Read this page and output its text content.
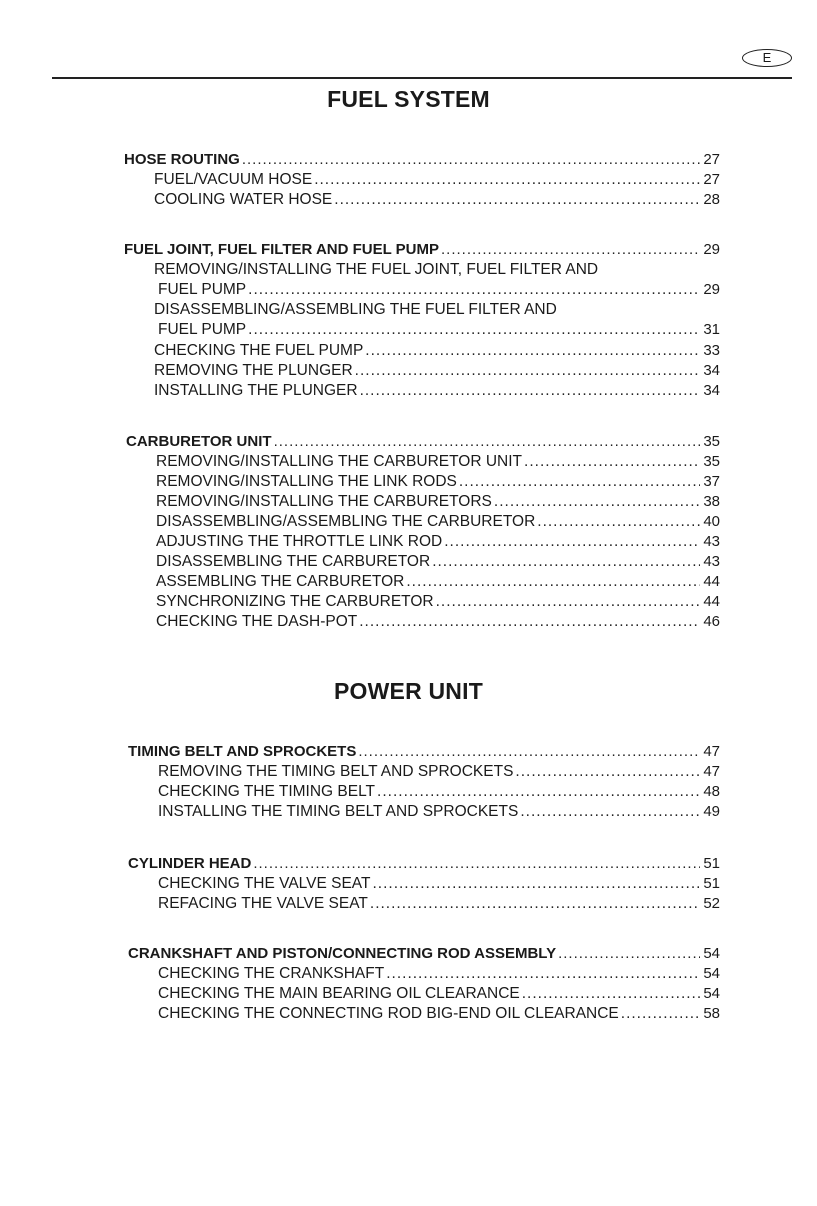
E
FUEL SYSTEM
HOSE ROUTING .....	27
FUEL/VACUUM HOSE .....	27
COOLING WATER HOSE .....	28
FUEL JOINT, FUEL FILTER AND FUEL PUMP .....	29
REMOVING/INSTALLING THE FUEL JOINT, FUEL FILTER AND
FUEL PUMP .....	29
DISASSEMBLING/ASSEMBLING THE FUEL FILTER AND
FUEL PUMP .....	31
CHECKING THE FUEL PUMP .....	33
REMOVING THE PLUNGER .....	34
INSTALLING THE PLUNGER .....	34
CARBURETOR UNIT .....	35
REMOVING/INSTALLING THE CARBURETOR UNIT .....	35
REMOVING/INSTALLING THE LINK RODS .....	37
REMOVING/INSTALLING THE CARBURETORS .....	38
DISASSEMBLING/ASSEMBLING THE CARBURETOR .....	40
ADJUSTING THE THROTTLE LINK ROD .....	43
DISASSEMBLING THE CARBURETOR .....	43
ASSEMBLING THE CARBURETOR .....	44
SYNCHRONIZING THE CARBURETOR .....	44
CHECKING THE DASH-POT .....	46
POWER UNIT
TIMING BELT AND SPROCKETS .....	47
REMOVING THE TIMING BELT AND SPROCKETS .....	47
CHECKING THE TIMING BELT .....	48
INSTALLING THE TIMING BELT AND SPROCKETS .....	49
CYLINDER HEAD .....	51
CHECKING THE VALVE SEAT .....	51
REFACING THE VALVE SEAT .....	52
CRANKSHAFT AND PISTON/CONNECTING ROD ASSEMBLY .....	54
CHECKING THE CRANKSHAFT .....	54
CHECKING THE MAIN BEARING OIL CLEARANCE .....	54
CHECKING THE CONNECTING ROD BIG-END OIL CLEARANCE .....	58
